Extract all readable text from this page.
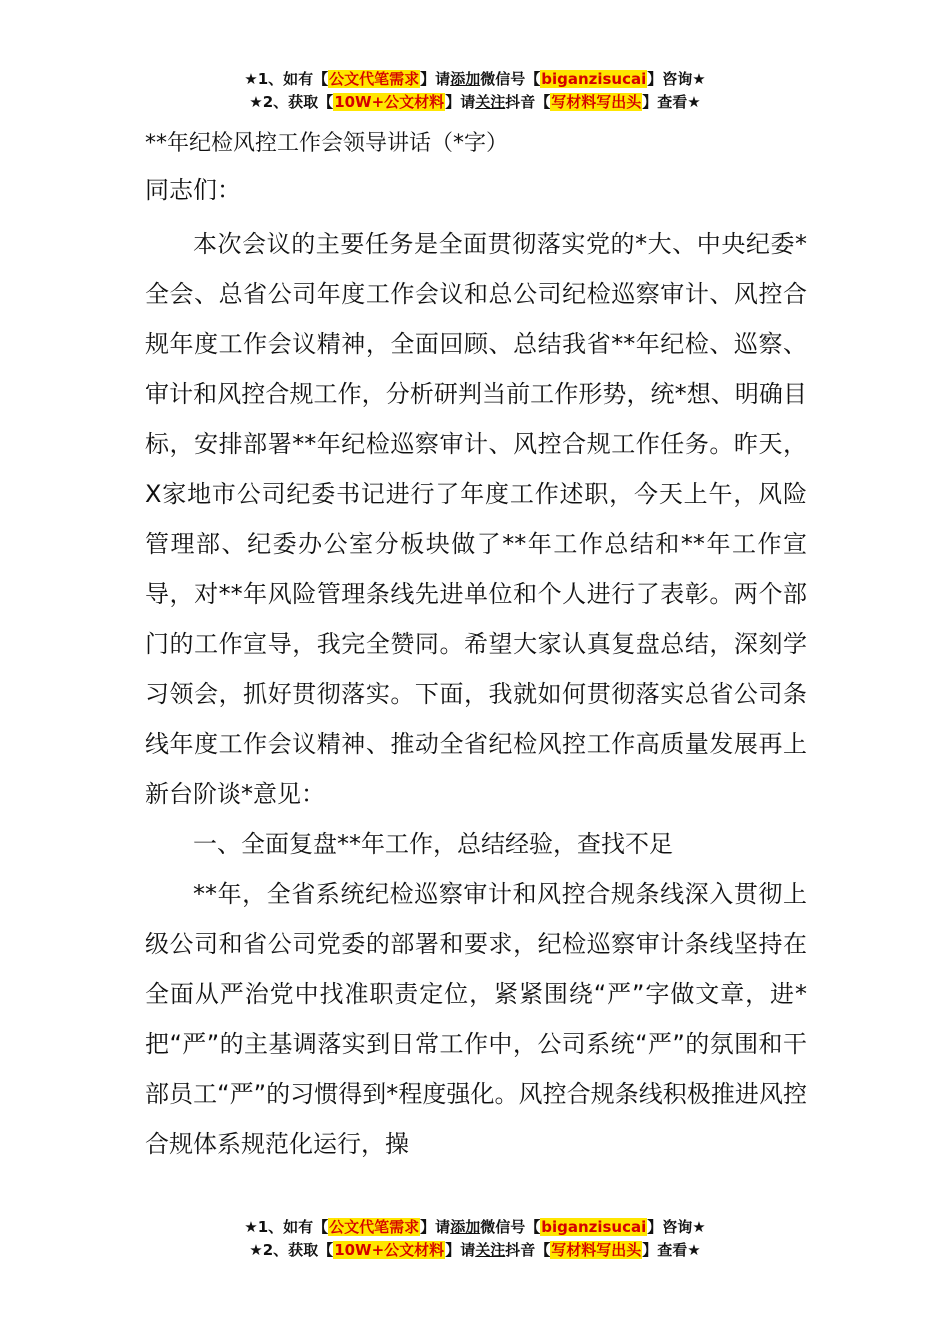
★1、如有【公文代笔需求】请添加微信号【biganzisucai】咨询★
★2、获取【10W+公文材料】请关注抖音【写材料写出头】查看★
**年纪检风控工作会领导讲话（*字）
同志们：

本次会议的主要任务是全面贯彻落实党的*大、中央纪委*全会、总省公司年度工作会议和总公司纪检巡察审计、风控合规年度工作会议精神，全面回顾、总结我省**年纪检、巡察、审计和风控合规工作，分析研判当前工作形势，统*想、明确目标，安排部署**年纪检巡察审计、风控合规工作任务。昨天，X家地市公司纪委书记进行了年度工作述职，今天上午，风险管理部、纪委办公室分板块做了**年工作总结和**年工作宣导，对**年风险管理条线先进单位和个人进行了表彰。两个部门的工作宣导，我完全赞同。希望大家认真复盘总结，深刻学习领会，抓好贯彻落实。下面，我就如何贯彻落实总省公司条线年度工作会议精神、推动全省纪检风控工作高质量发展再上新台阶谈*意见：

一、全面复盘**年工作，总结经验，查找不足

**年，全省系统纪检巡察审计和风控合规条线深入贯彻上级公司和省公司党委的部署和要求，纪检巡察审计条线坚持在全面从严治党中找准职责定位，紧紧围绕“严”字做文章，进*把“严”的主基调落实到日常工作中，公司系统“严”的氛围和干部员工“严”的习惯得到*程度强化。风控合规条线积极推进风控合规体系规范化运行，操

★1、如有【公文代笔需求】请添加微信号【biganzisucai】咨询★
★2、获取【10W+公文材料】请关注抖音【写材料写出头】查看★
